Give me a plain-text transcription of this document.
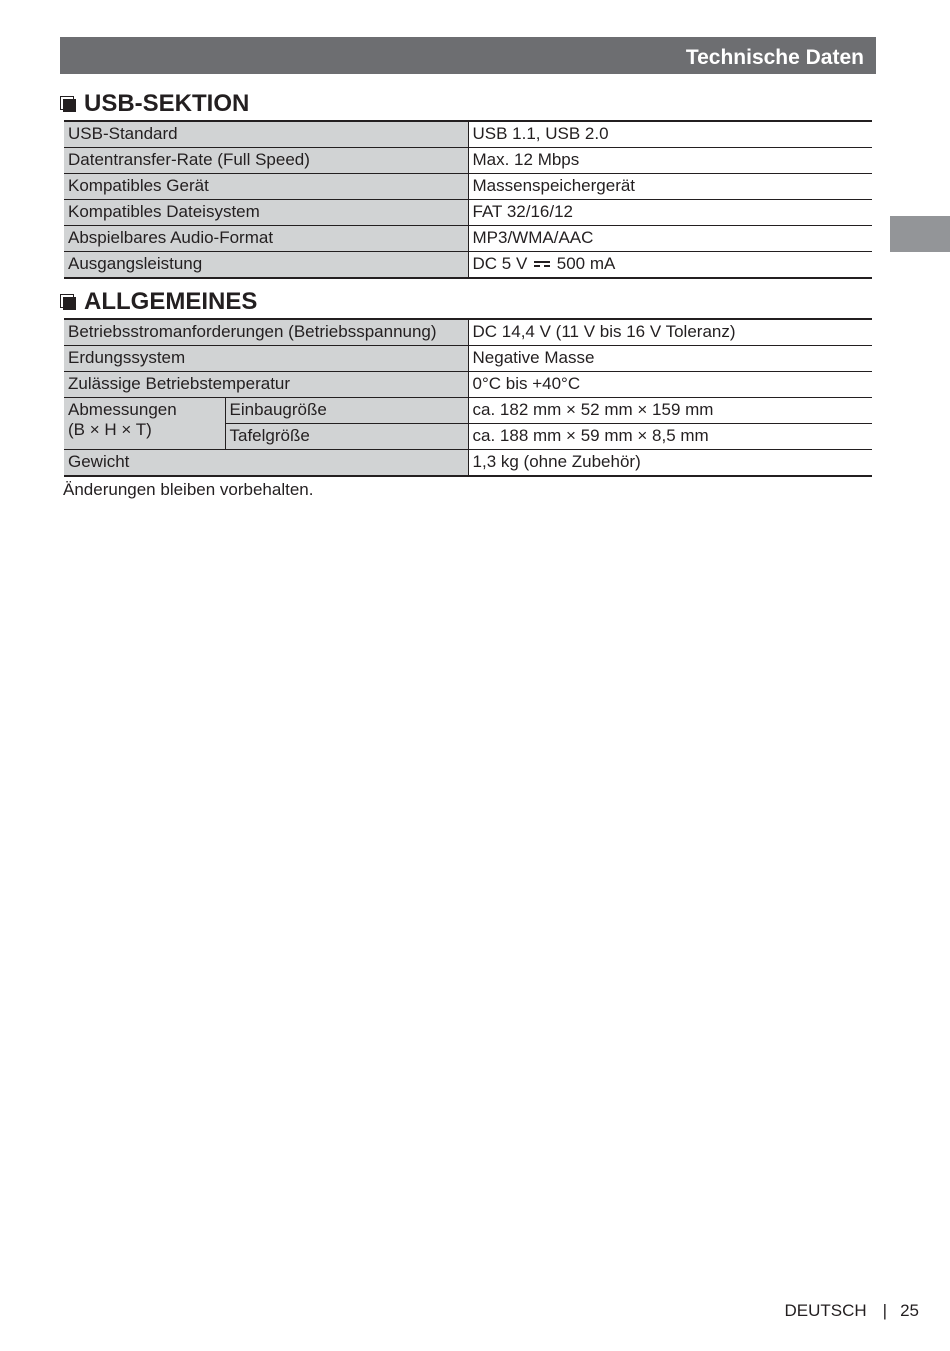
Technische Daten
USB-SEKTION
USB-Standard	USB 1.1, USB 2.0
Datentransfer-Rate (Full Speed)	Max. 12 Mbps
Kompatibles Gerät	Massenspeichergerät
Kompatibles Dateisystem	FAT 32/16/12
Abspielbares Audio-Format	MP3/WMA/AAC
Ausgangsleistung	DC 5 V 500 mA
ALLGEMEINES
Betriebsstromanforderungen (Betriebsspannung)		DC 14,4 V (11 V bis 16 V Toleranz)
Erdungssystem		Negative Masse
Zulässige Betriebstemperatur		0°C bis +40°C

Abmessungen
(B × H × T)	Einbaugröße	ca. 182 mm × 52 mm × 159 mm
	Tafelgröße	ca. 188 mm × 59 mm × 8,5 mm
Gewicht		1,3 kg (ohne Zubehör)
Änderungen bleiben vorbehalten.
DEUTSCH | 25
